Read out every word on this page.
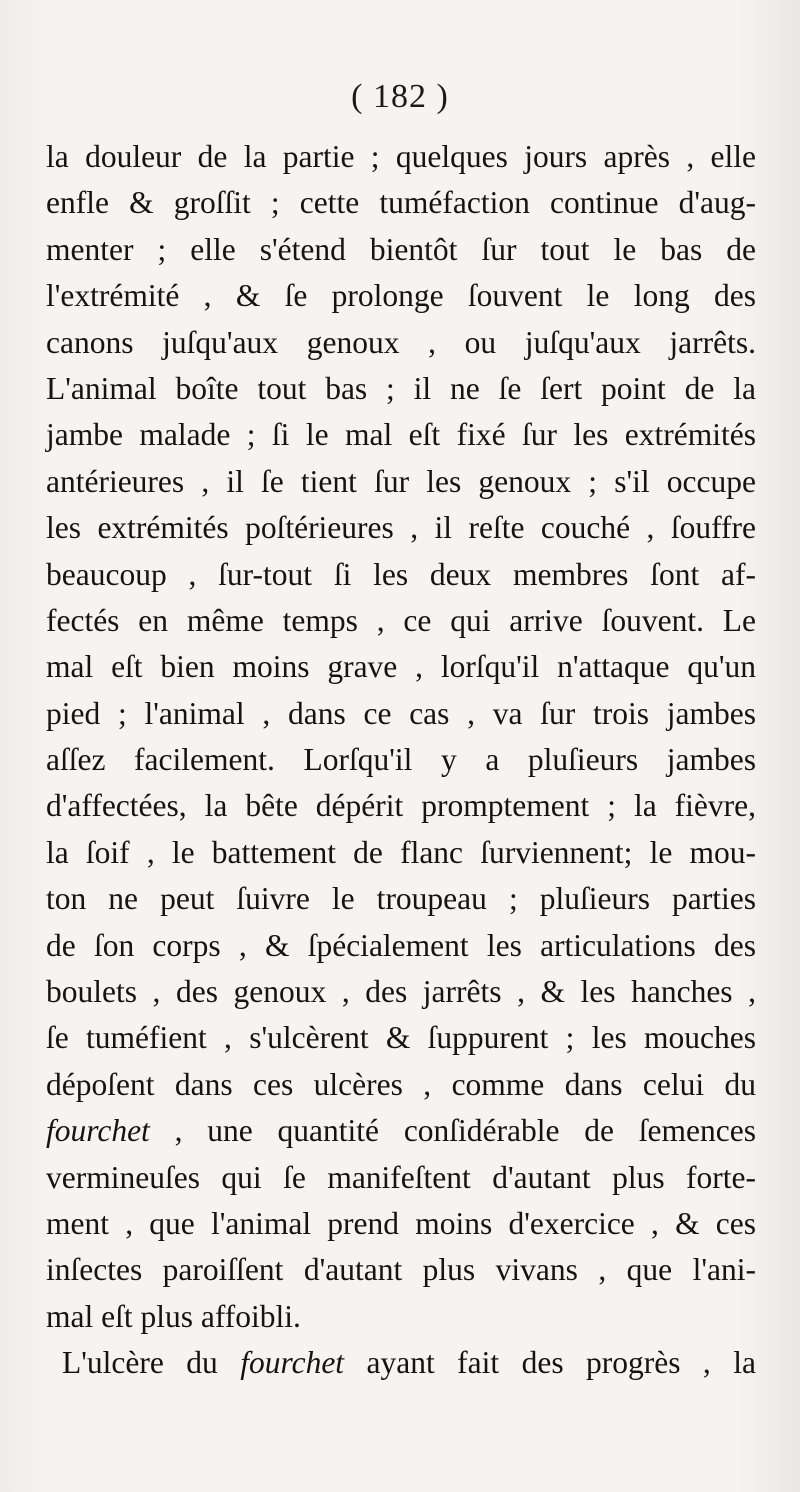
( 182 )
la douleur de la partie ; quelques jours après , elle
enfle & groſſit ; cette tuméfaction continue d'aug-
menter ; elle s'étend bientôt ſur tout le bas de
l'extrémité , & ſe prolonge ſouvent le long des
canons juſqu'aux genoux , ou juſqu'aux jarrêts.
L'animal boîte tout bas ; il ne ſe ſert point de la
jambe malade ; ſi le mal eſt fixé ſur les extrémités
antérieures , il ſe tient ſur les genoux ; s'il occupe
les extrémités poſtérieures , il reſte couché , ſouffre
beaucoup , ſur-tout ſi les deux membres ſont af-
fectés en même temps , ce qui arrive ſouvent. Le
mal eſt bien moins grave , lorſqu'il n'attaque qu'un
pied ; l'animal , dans ce cas , va ſur trois jambes
aſſez facilement. Lorſqu'il y a pluſieurs jambes
d'affectées, la bête dépérit promptement ; la fièvre,
la ſoif , le battement de flanc ſurviennent; le mou-
ton ne peut ſuivre le troupeau ; pluſieurs parties
de ſon corps , & ſpécialement les articulations des
boulets , des genoux , des jarrêts , & les hanches ,
ſe tuméfient , s'ulcèrent & ſuppurent ; les mouches
dépoſent dans ces ulcères , comme dans celui du
fourchet , une quantité conſidérable de ſemences
vermineuſes qui ſe manifeſtent d'autant plus forte-
ment , que l'animal prend moins d'exercice , & ces
inſectes paroiſſent d'autant plus vivans , que l'ani-
mal eſt plus affoibli.
L'ulcère du fourchet ayant fait des progrès , la
